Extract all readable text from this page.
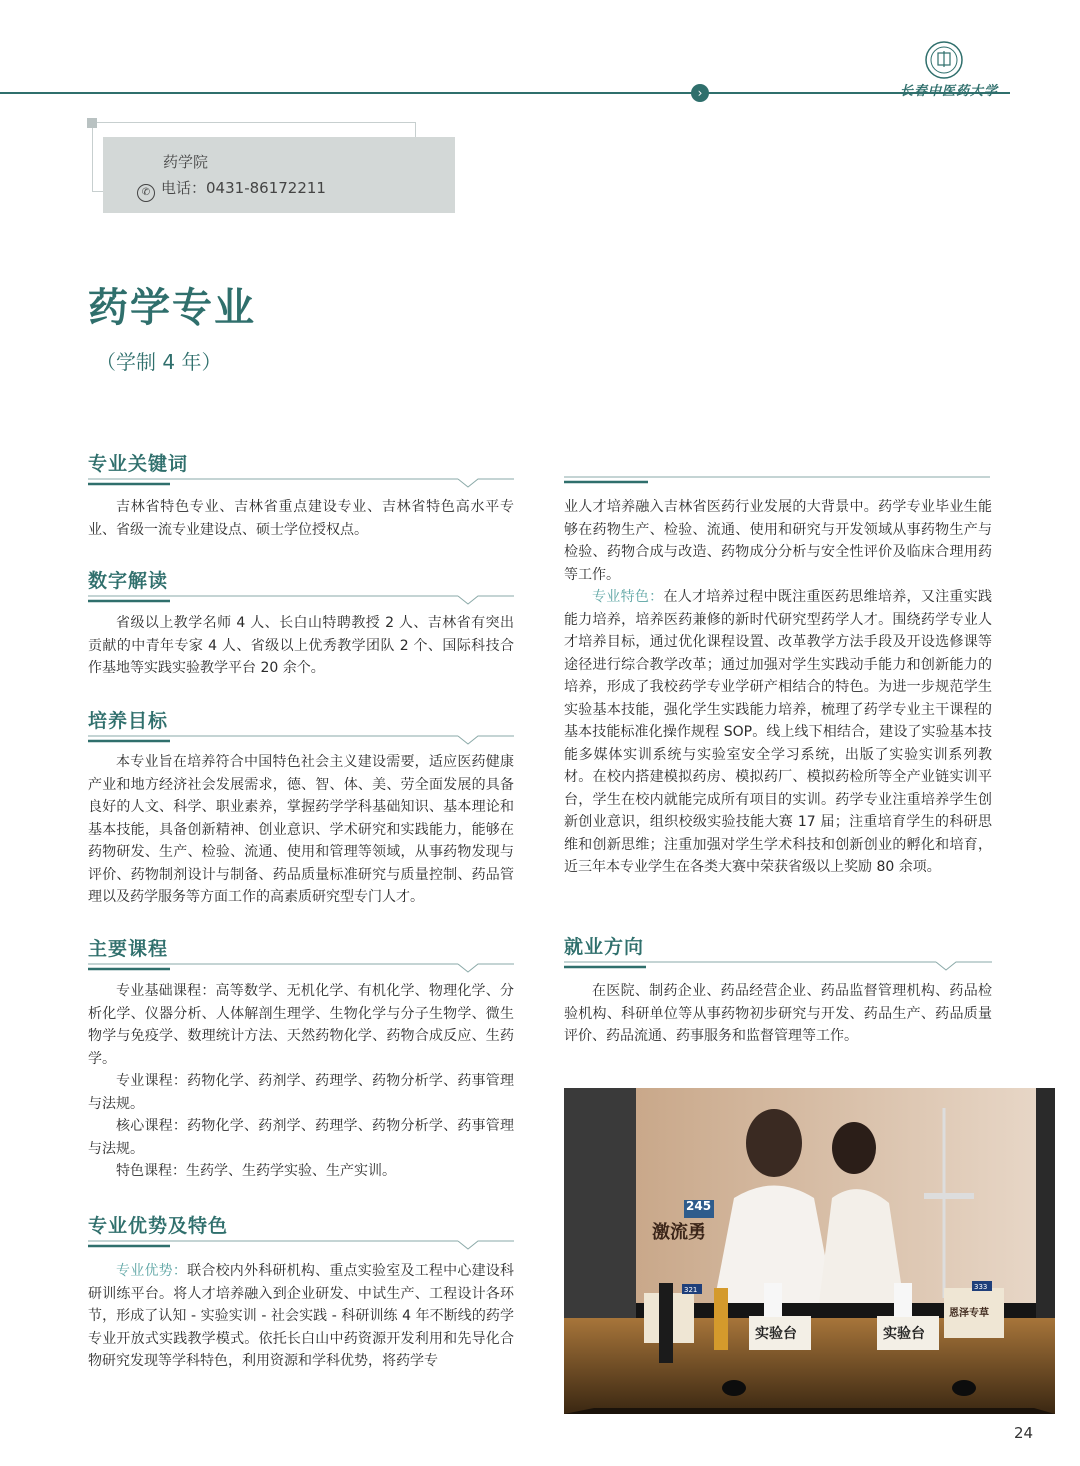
›	长春中医药大学
药学院
✆ 电话：0431-86172211
药学专业
（学制 4 年）
专业关键词

吉林省特色专业、吉林省重点建设专业、吉林省特色高水平专业、省级一流专业建设点、硕士学位授权点。

数字解读

省级以上教学名师 4 人、长白山特聘教授 2 人、吉林省有突出贡献的中青年专家 4 人、省级以上优秀教学团队 2 个、国际科技合作基地等实践实验教学平台 20 余个。

培养目标

本专业旨在培养符合中国特色社会主义建设需要，适应医药健康产业和地方经济社会发展需求，德、智、体、美、劳全面发展的具备良好的人文、科学、职业素养，掌握药学学科基础知识、基本理论和基本技能，具备创新精神、创业意识、学术研究和实践能力，能够在药物研发、生产、检验、流通、使用和管理等领域，从事药物发现与评价、药物制剂设计与制备、药品质量标准研究与质量控制、药品管理以及药学服务等方面工作的高素质研究型专门人才。

主要课程

专业基础课程：高等数学、无机化学、有机化学、物理化学、分析化学、仪器分析、人体解剖生理学、生物化学与分子生物学、微生物学与免疫学、数理统计方法、天然药物化学、药物合成反应、生药学。

专业课程：药物化学、药剂学、药理学、药物分析学、药事管理与法规。

核心课程：药物化学、药剂学、药理学、药物分析学、药事管理与法规。

特色课程：生药学、生药学实验、生产实训。

专业优势及特色

专业优势：联合校内外科研机构、重点实验室及工程中心建设科研训练平台。将人才培养融入到企业研发、中试生产、工程设计各环节，形成了认知 - 实验实训 - 社会实践 - 科研训练 4 年不断线的药学专业开放式实践教学模式。依托长白山中药资源开发利用和先导化合物研究发现等学科特色，利用资源和学科优势，将药学专

业人才培养融入吉林省医药行业发展的大背景中。药学专业毕业生能够在药物生产、检验、流通、使用和研究与开发领域从事药物生产与检验、药物合成与改造、药物成分分析与安全性评价及临床合理用药等工作。

专业特色：在人才培养过程中既注重医药思维培养，又注重实践能力培养，培养医药兼修的新时代研究型药学人才。围绕药学专业人才培养目标，通过优化课程设置、改革教学方法手段及开设选修课等途径进行综合教学改革；通过加强对学生实践动手能力和创新能力的培养，形成了我校药学专业学研产相结合的特色。为进一步规范学生实验基本技能，强化学生实践能力培养，梳理了药学专业主干课程的基本技能标准化操作规程 SOP。线上线下相结合，建设了实验基本技能多媒体实训系统与实验室安全学习系统，出版了实验实训系列教材。在校内搭建模拟药房、模拟药厂、模拟药检所等全产业链实训平台，学生在校内就能完成所有项目的实训。药学专业注重培养学生创新创业意识，组织校级实验技能大赛 17 届；注重培育学生的科研思维和创新思维；注重加强对学生学术科技和创新创业的孵化和培育，近三年本专业学生在各类大赛中荣获省级以上奖励 80 余项。

就业方向

在医院、制药企业、药品经营企业、药品监督管理机构、药品检验机构、科研单位等从事药物初步研究与开发、药品生产、药品质量评价、药品流通、药事服务和监督管理等工作。

245
激流勇
恩泽专草
实验台	实验台
321	333
24
